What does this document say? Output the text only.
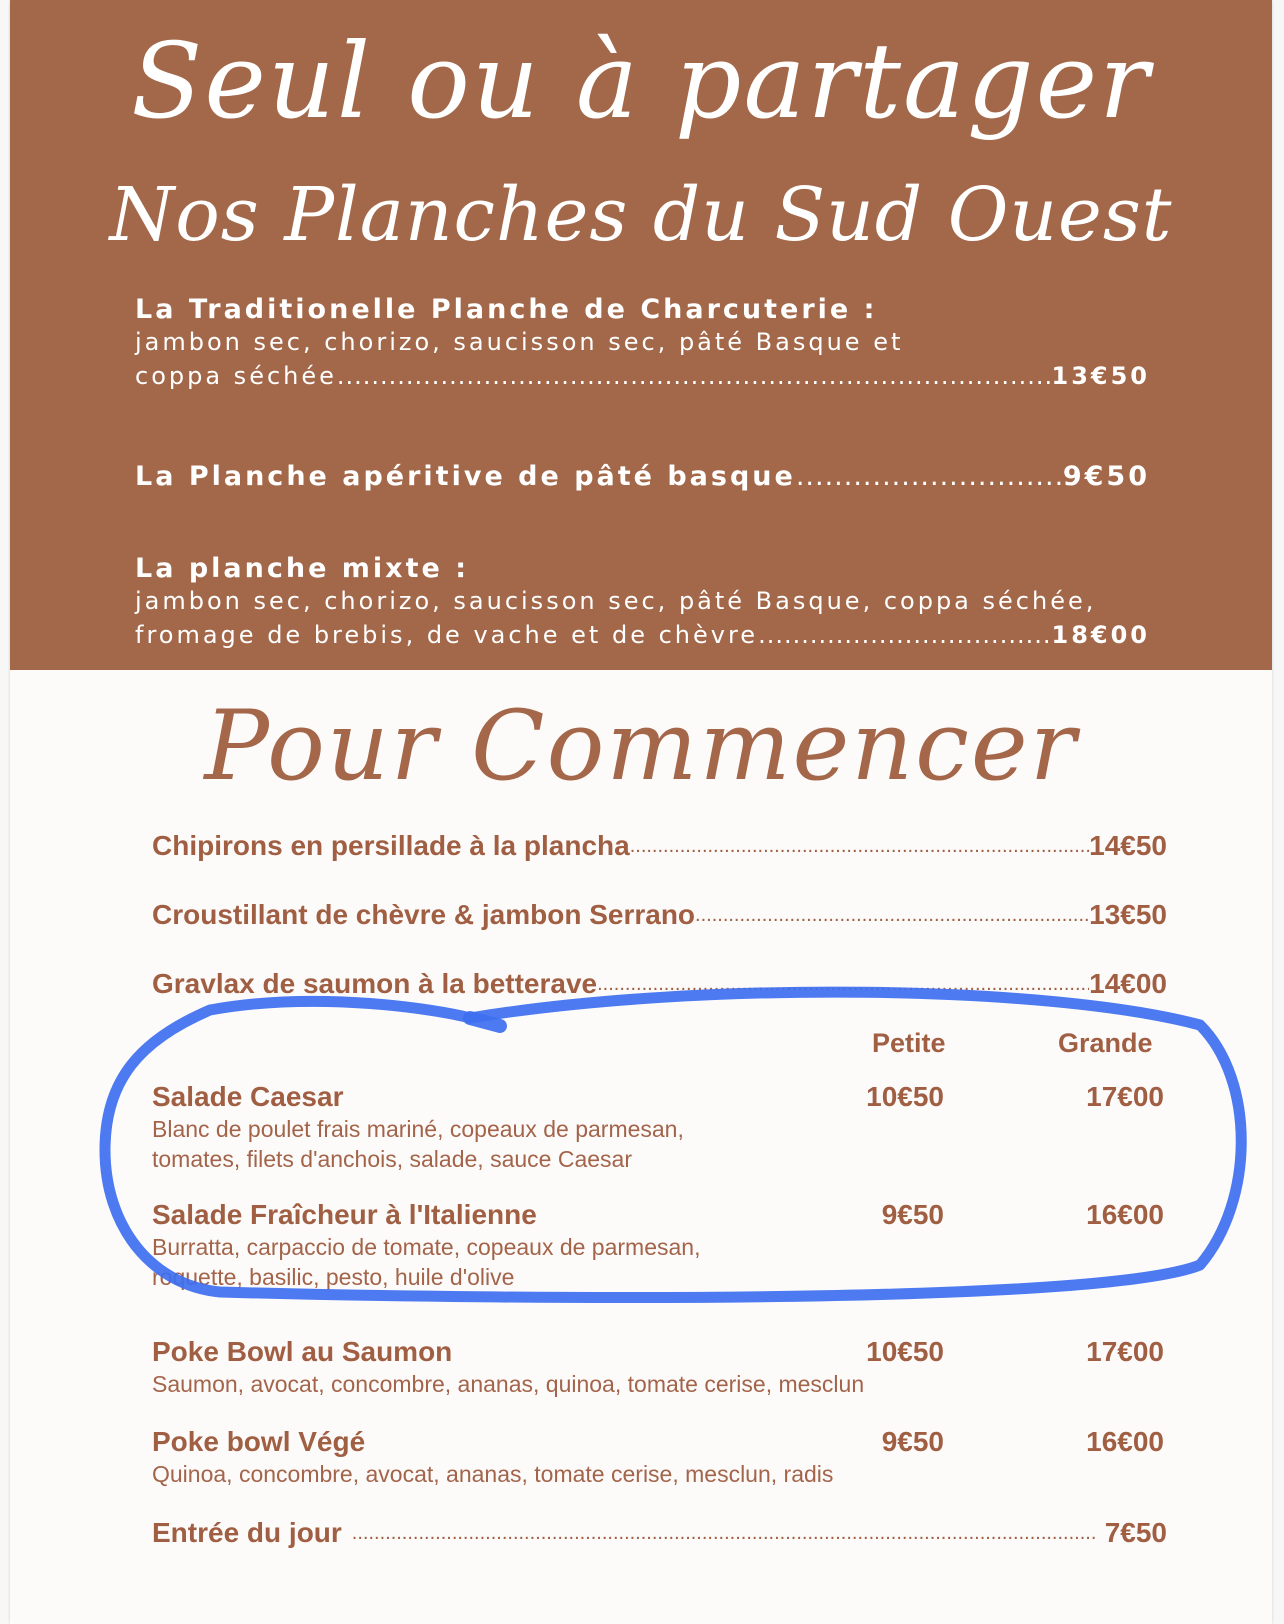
Seul ou à partager
Nos Planches du Sud Ouest
La Traditionelle Planche de Charcuterie :
jambon sec, chorizo, saucisson sec, pâté Basque et
coppa séchée .....	13€50
La Planche apéritive de pâté basque .....	9€50
La planche mixte :
jambon sec, chorizo, saucisson sec, pâté Basque, coppa séchée,
fromage de brebis, de vache et de chèvre .....	18€00
Pour Commencer
Chipirons en persillade à la plancha .....	14€50
Croustillant de chèvre & jambon Serrano .....	13€50
Gravlax de saumon à la betterave .....	14€00
Petite	Grande
Salade Caesar
Blanc de poulet frais mariné, copeaux de parmesan,
tomates, filets d'anchois, salade, sauce Caesar
10€50	17€00
Salade Fraîcheur à l'Italienne
Burratta, carpaccio de tomate, copeaux de parmesan,
roquette, basilic, pesto, huile d'olive
9€50	16€00
Poke Bowl au Saumon
Saumon, avocat, concombre, ananas, quinoa, tomate cerise, mesclun
10€50	17€00
Poke bowl Végé
Quinoa, concombre, avocat, ananas, tomate cerise, mesclun, radis
9€50	16€00
Entrée du jour .....	7€50
